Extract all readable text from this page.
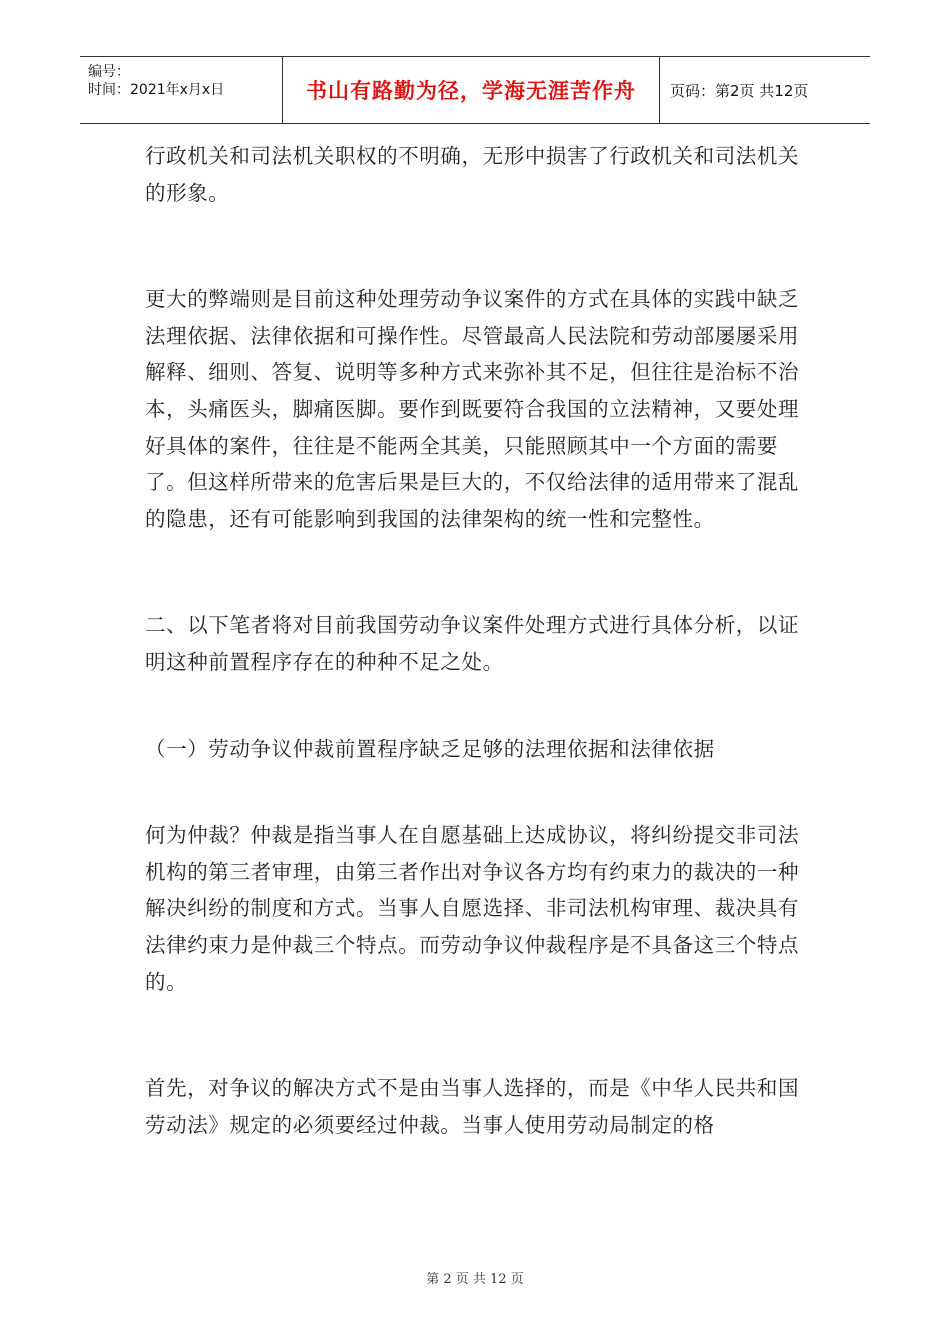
编号：
时间：2021年x月x日	书山有路勤为径，学海无涯苦作舟	页码：第2页 共12页

行政机关和司法机关职权的不明确，无形中损害了行政机关和司法机关的形象。

更大的弊端则是目前这种处理劳动争议案件的方式在具体的实践中缺乏法理依据、法律依据和可操作性。尽管最高人民法院和劳动部屡屡采用解释、细则、答复、说明等多种方式来弥补其不足，但往往是治标不治本，头痛医头，脚痛医脚。要作到既要符合我国的立法精神，又要处理好具体的案件，往往是不能两全其美，只能照顾其中一个方面的需要了。但这样所带来的危害后果是巨大的，不仅给法律的适用带来了混乱的隐患，还有可能影响到我国的法律架构的统一性和完整性。

二、以下笔者将对目前我国劳动争议案件处理方式进行具体分析，以证明这种前置程序存在的种种不足之处。

（一）劳动争议仲裁前置程序缺乏足够的法理依据和法律依据

何为仲裁？仲裁是指当事人在自愿基础上达成协议，将纠纷提交非司法机构的第三者审理，由第三者作出对争议各方均有约束力的裁决的一种解决纠纷的制度和方式。当事人自愿选择、非司法机构审理、裁决具有法律约束力是仲裁三个特点。而劳动争议仲裁程序是不具备这三个特点的。

首先，对争议的解决方式不是由当事人选择的，而是《中华人民共和国劳动法》规定的必须要经过仲裁。当事人使用劳动局制定的格

第 2 页 共 12 页
